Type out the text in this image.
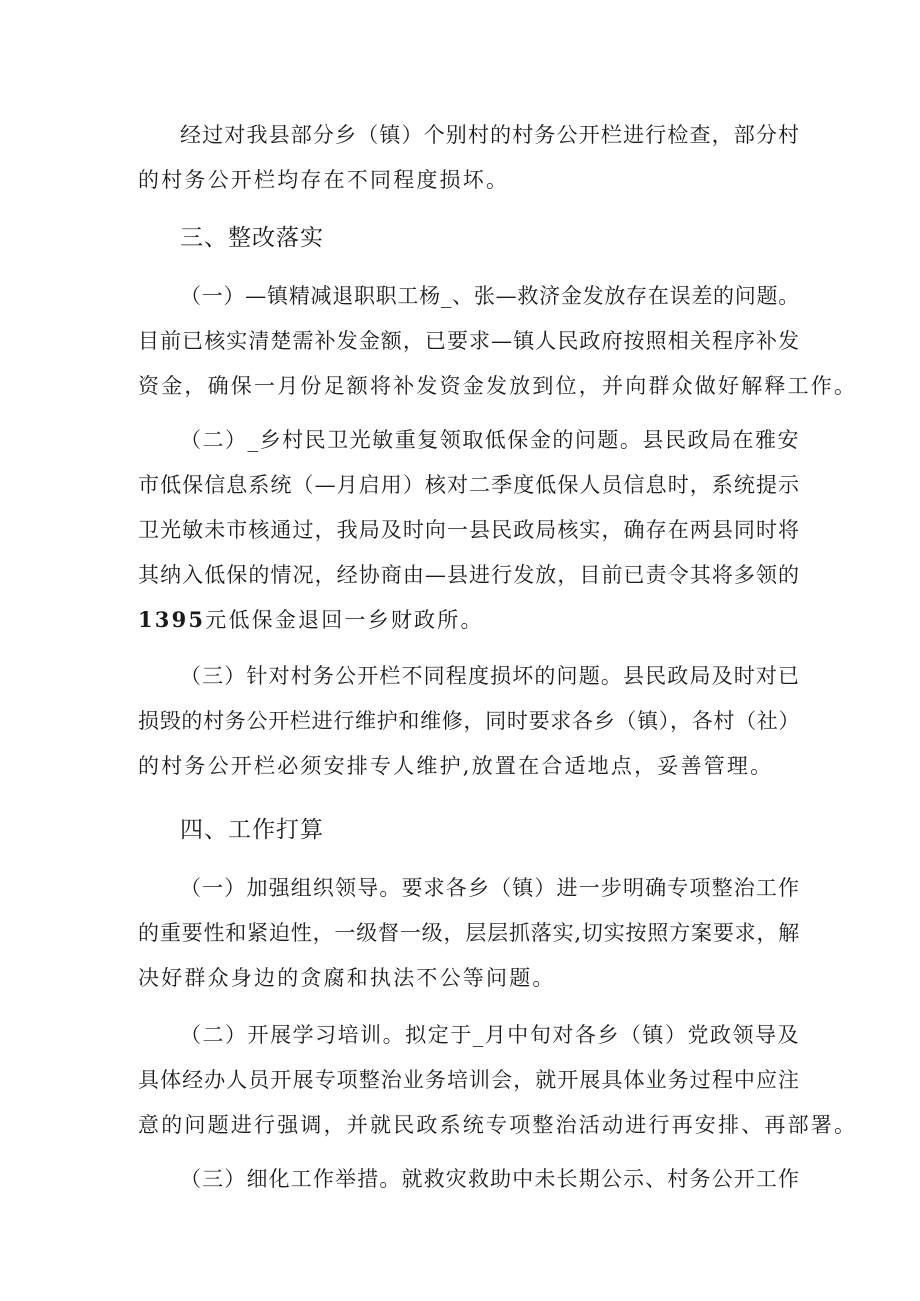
经过对我县部分乡（镇）个别村的村务公开栏进行检查，部分村
的村务公开栏均存在不同程度损坏。
三、整改落实
（一）—镇精减退职职工杨_、张—救济金发放存在误差的问题。
目前已核实清楚需补发金额，已要求—镇人民政府按照相关程序补发
资金，确保一月份足额将补发资金发放到位，并向群众做好解释工作。
（二）_乡村民卫光敏重复领取低保金的问题。县民政局在雅安
市低保信息系统（—月启用）核对二季度低保人员信息时，系统提示
卫光敏未市核通过，我局及时向一县民政局核实，确存在两县同时将
其纳入低保的情况，经协商由—县进行发放，目前已责令其将多领的
1395元低保金退回一乡财政所。
（三）针对村务公开栏不同程度损坏的问题。县民政局及时对已
损毁的村务公开栏进行维护和维修，同时要求各乡（镇），各村（社）
的村务公开栏必须安排专人维护,放置在合适地点，妥善管理。
四、工作打算
（一）加强组织领导。要求各乡（镇）进一步明确专项整治工作
的重要性和紧迫性，一级督一级，层层抓落实,切实按照方案要求，解
决好群众身边的贪腐和执法不公等问题。
（二）开展学习培训。拟定于_月中旬对各乡（镇）党政领导及
具体经办人员开展专项整治业务培训会，就开展具体业务过程中应注
意的问题进行强调，并就民政系统专项整治活动进行再安排、再部署。
（三）细化工作举措。就救灾救助中未长期公示、村务公开工作
